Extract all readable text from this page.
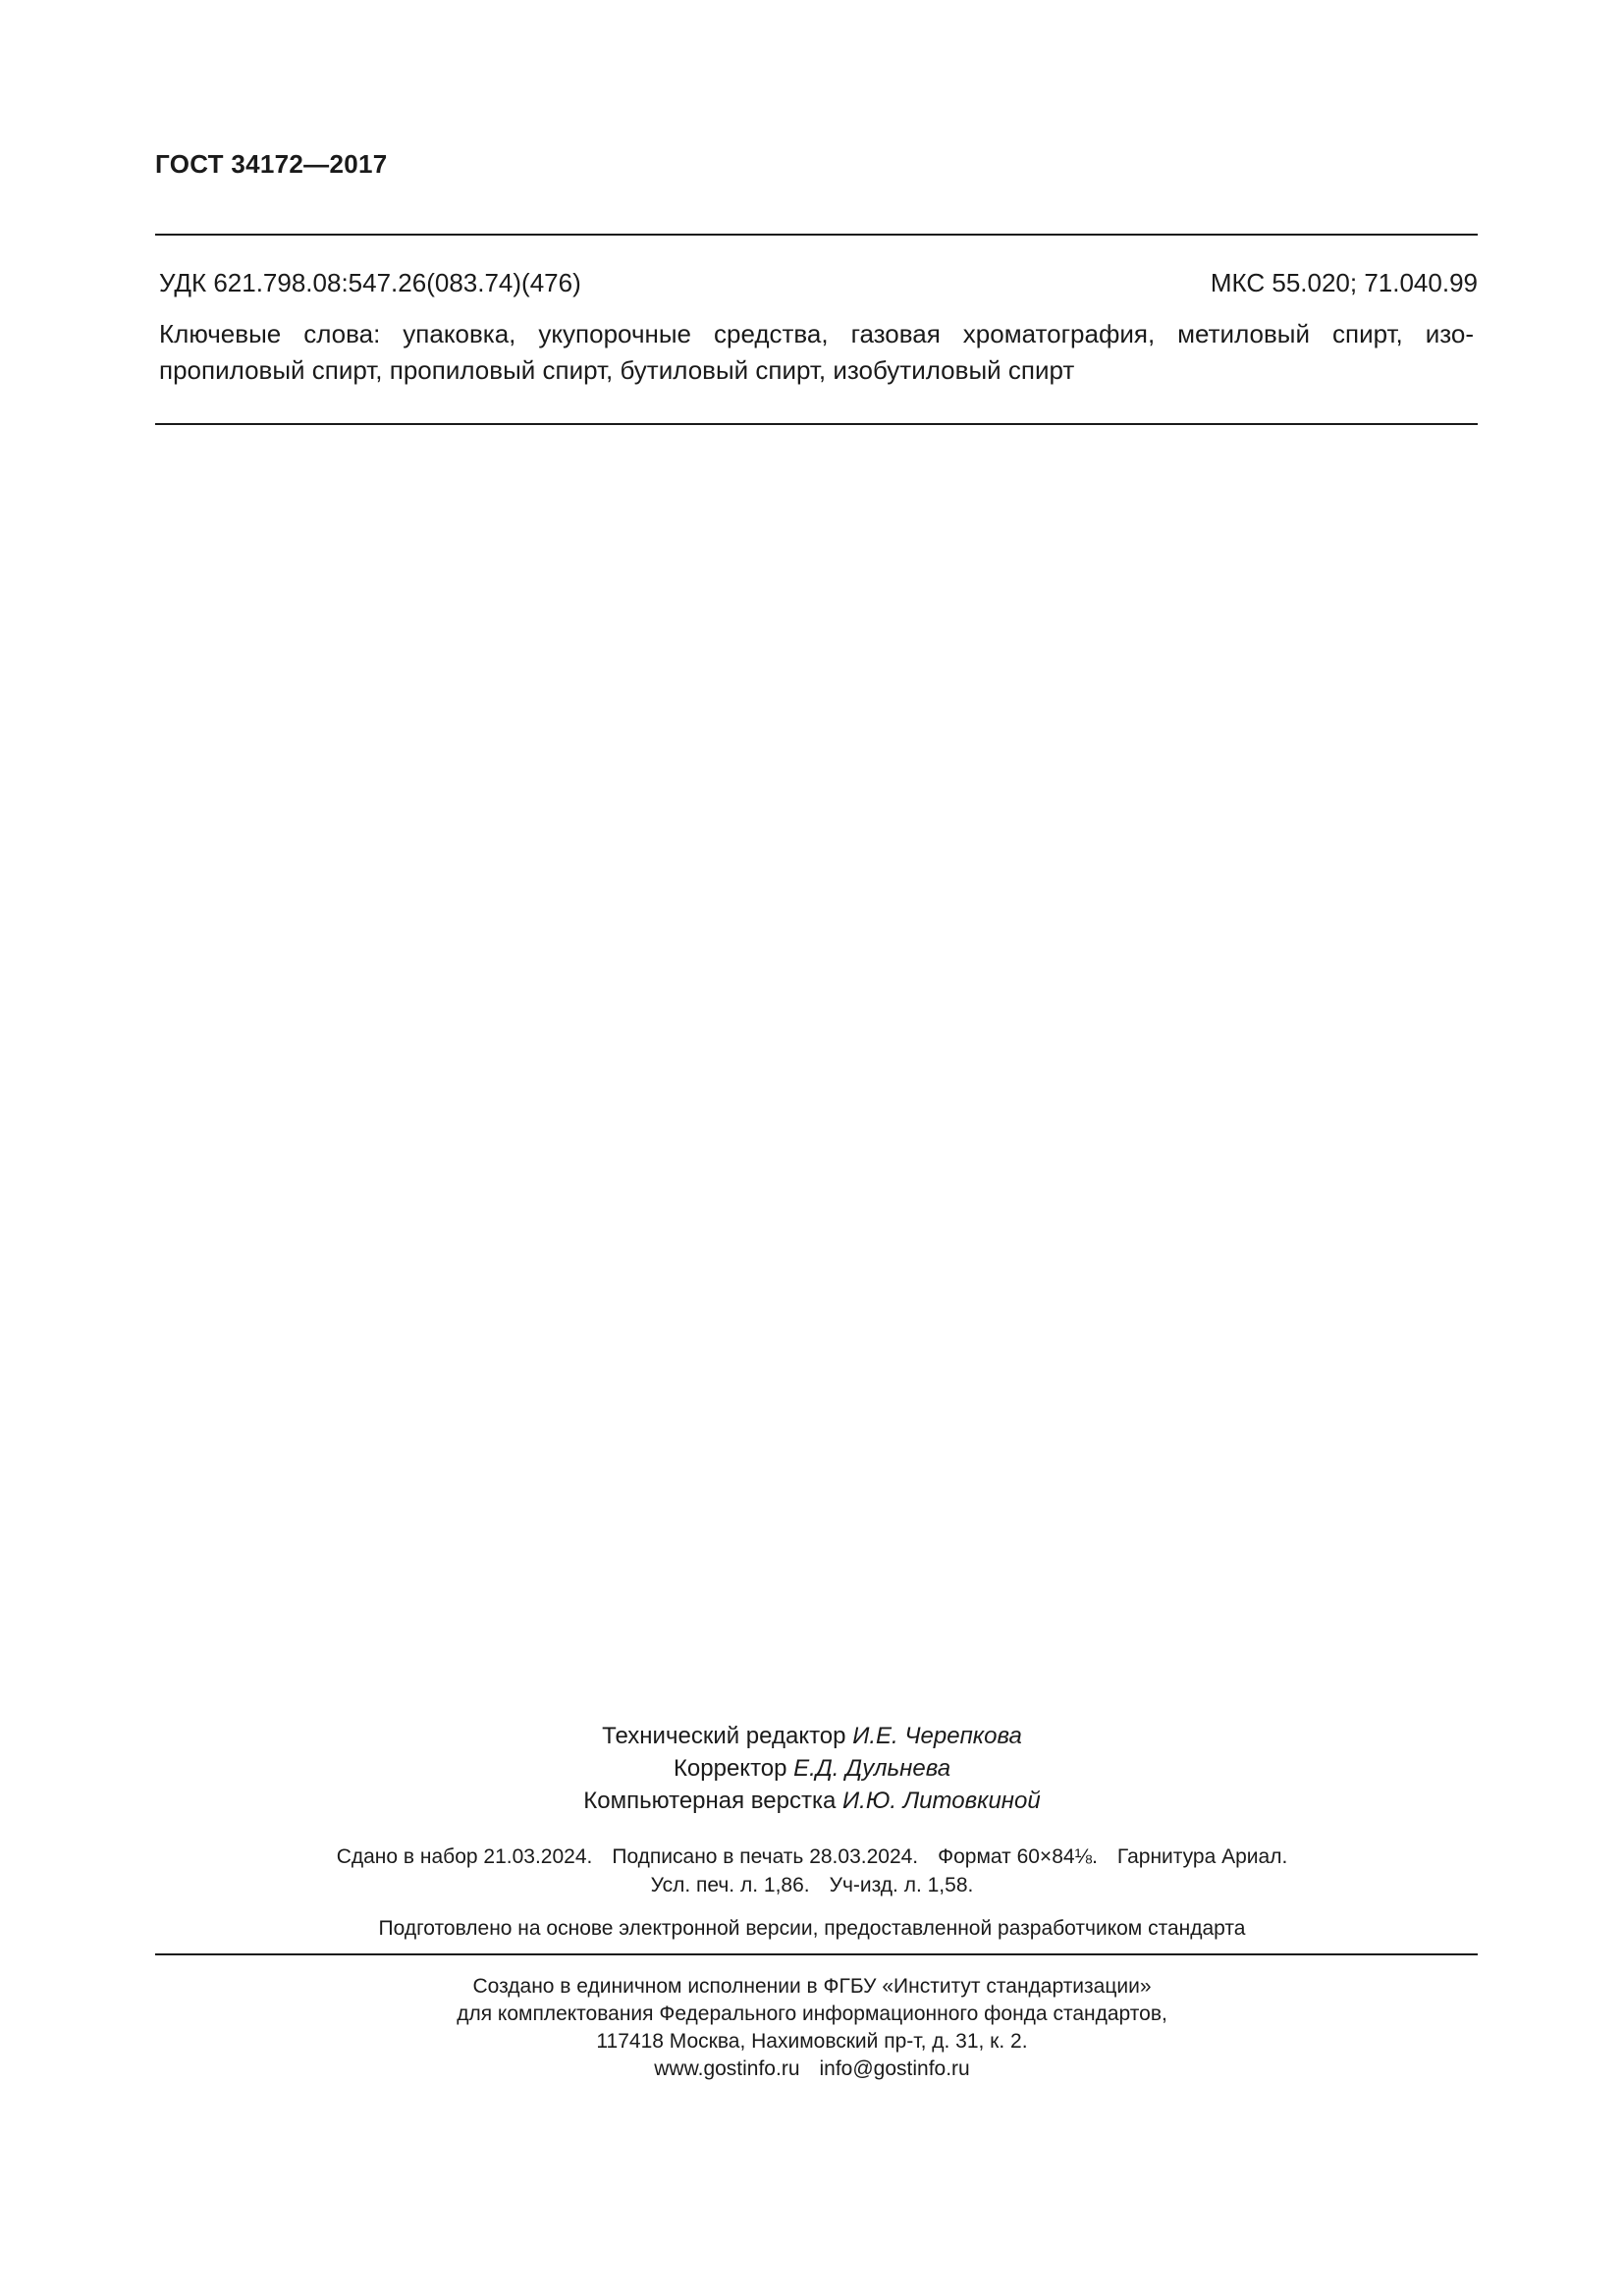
ГОСТ 34172—2017
УДК 621.798.08:547.26(083.74)(476)	МКС 55.020; 71.040.99
Ключевые слова: упаковка, укупорочные средства, газовая хроматография, метиловый спирт, изо-
пропиловый спирт, пропиловый спирт, бутиловый спирт, изобутиловый спирт
Технический редактор И.Е. Черепкова
Корректор Е.Д. Дульнева
Компьютерная верстка И.Ю. Литовкиной
Сдано в набор 21.03.2024. Подписано в печать 28.03.2024. Формат 60×84⅛. Гарнитура Ариал.
Усл. печ. л. 1,86. Уч-изд. л. 1,58.
Подготовлено на основе электронной версии, предоставленной разработчиком стандарта
Создано в единичном исполнении в ФГБУ «Институт стандартизации»
для комплектования Федерального информационного фонда стандартов,
117418 Москва, Нахимовский пр-т, д. 31, к. 2.
www.gostinfo.ru info@gostinfo.ru
